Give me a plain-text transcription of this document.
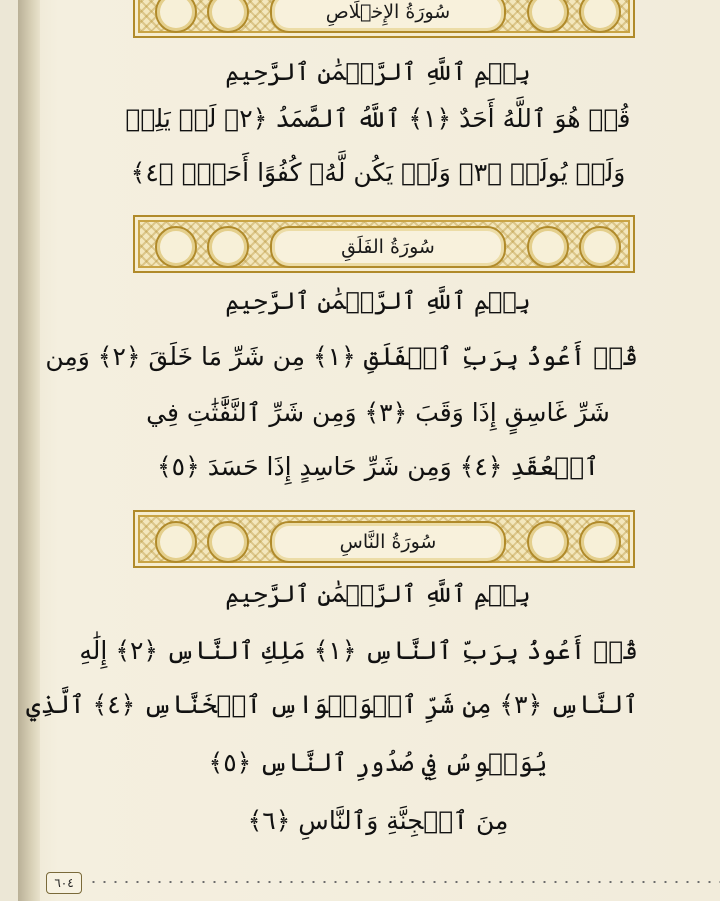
سُورَةُ الإِخۡلَاصِ
بِسۡمِ ٱللَّهِ ٱلرَّحۡمَٰنِ ٱلرَّحِيمِ
قُلۡ هُوَ ٱللَّهُ أَحَدٌ ﴿١﴾ ٱللَّهُ ٱلصَّمَدُ ﴿٢﴾ لَمۡ يَلِدۡ
وَلَمۡ يُولَدۡ ﴿٣﴾ وَلَمۡ يَكُن لَّهُۥ كُفُوًا أَحَدُۢ ﴿٤﴾
سُورَةُ الفَلَقِ
بِسۡمِ ٱللَّهِ ٱلرَّحۡمَٰنِ ٱلرَّحِيمِ
قُلۡ أَعُوذُ بِرَبِّ ٱلۡفَلَقِ ﴿١﴾ مِن شَرِّ مَا خَلَقَ ﴿٢﴾ وَمِن
شَرِّ غَاسِقٍ إِذَا وَقَبَ ﴿٣﴾ وَمِن شَرِّ ٱلنَّفَّٰثَٰتِ فِي
ٱلۡعُقَدِ ﴿٤﴾ وَمِن شَرِّ حَاسِدٍ إِذَا حَسَدَ ﴿٥﴾
سُورَةُ النَّاسِ
بِسۡمِ ٱللَّهِ ٱلرَّحۡمَٰنِ ٱلرَّحِيمِ
قُلۡ أَعُوذُ بِرَبِّ ٱلنَّاسِ ﴿١﴾ مَلِكِ ٱلنَّاسِ ﴿٢﴾ إِلَٰهِ
ٱلنَّاسِ ﴿٣﴾ مِن شَرِّ ٱلۡوَسۡوَاسِ ٱلۡخَنَّاسِ ﴿٤﴾ ٱلَّذِي
يُوَسۡوِسُ فِي صُدُورِ ٱلنَّاسِ ﴿٥﴾
مِنَ ٱلۡجِنَّةِ وَٱلنَّاسِ ﴿٦﴾
٦٠٤
